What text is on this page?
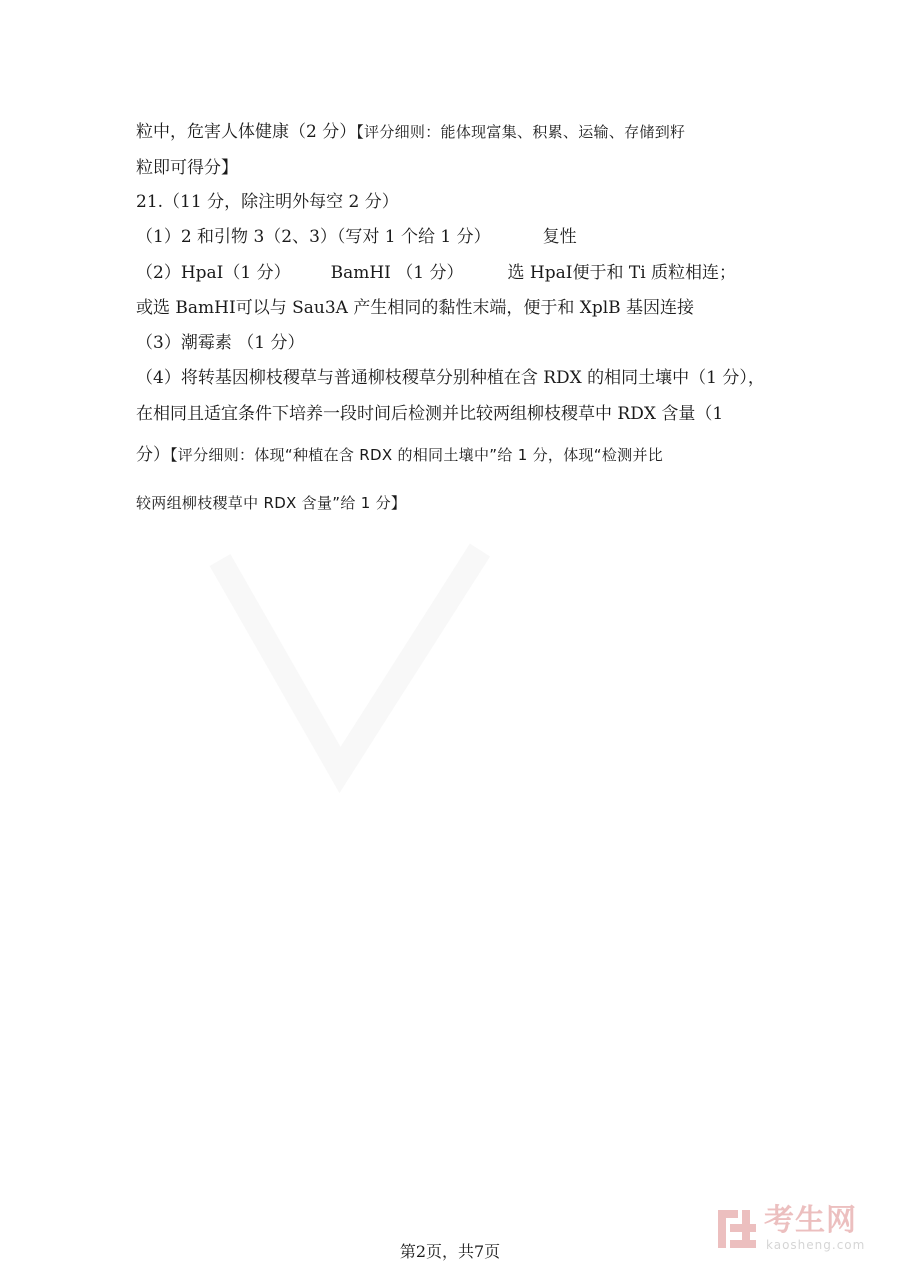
粒中，危害人体健康（2 分）【评分细则：能体现富集、积累、运输、存储到籽
粒即可得分】
21.（11 分，除注明外每空 2 分）
（1）2 和引物 3（2、3）（写对 1 个给 1 分）	复性
（2）HpaⅠ（1 分） BamHⅠ （1 分）	选 HpaⅠ便于和 Ti 质粒相连；
或选 BamHⅠ可以与 Sau3A 产生相同的黏性末端，便于和 XplB 基因连接
（3）潮霉素 （1 分）
（4）将转基因柳枝稷草与普通柳枝稷草分别种植在含 RDX 的相同土壤中（1 分），
在相同且适宜条件下培养一段时间后检测并比较两组柳枝稷草中 RDX 含量（1
分）【评分细则：体现“种植在含 RDX 的相同土壤中”给 1 分，体现“检测并比
较两组柳枝稷草中 RDX 含量”给 1 分】
第2页，共7页
考生网
kaosheng.com
